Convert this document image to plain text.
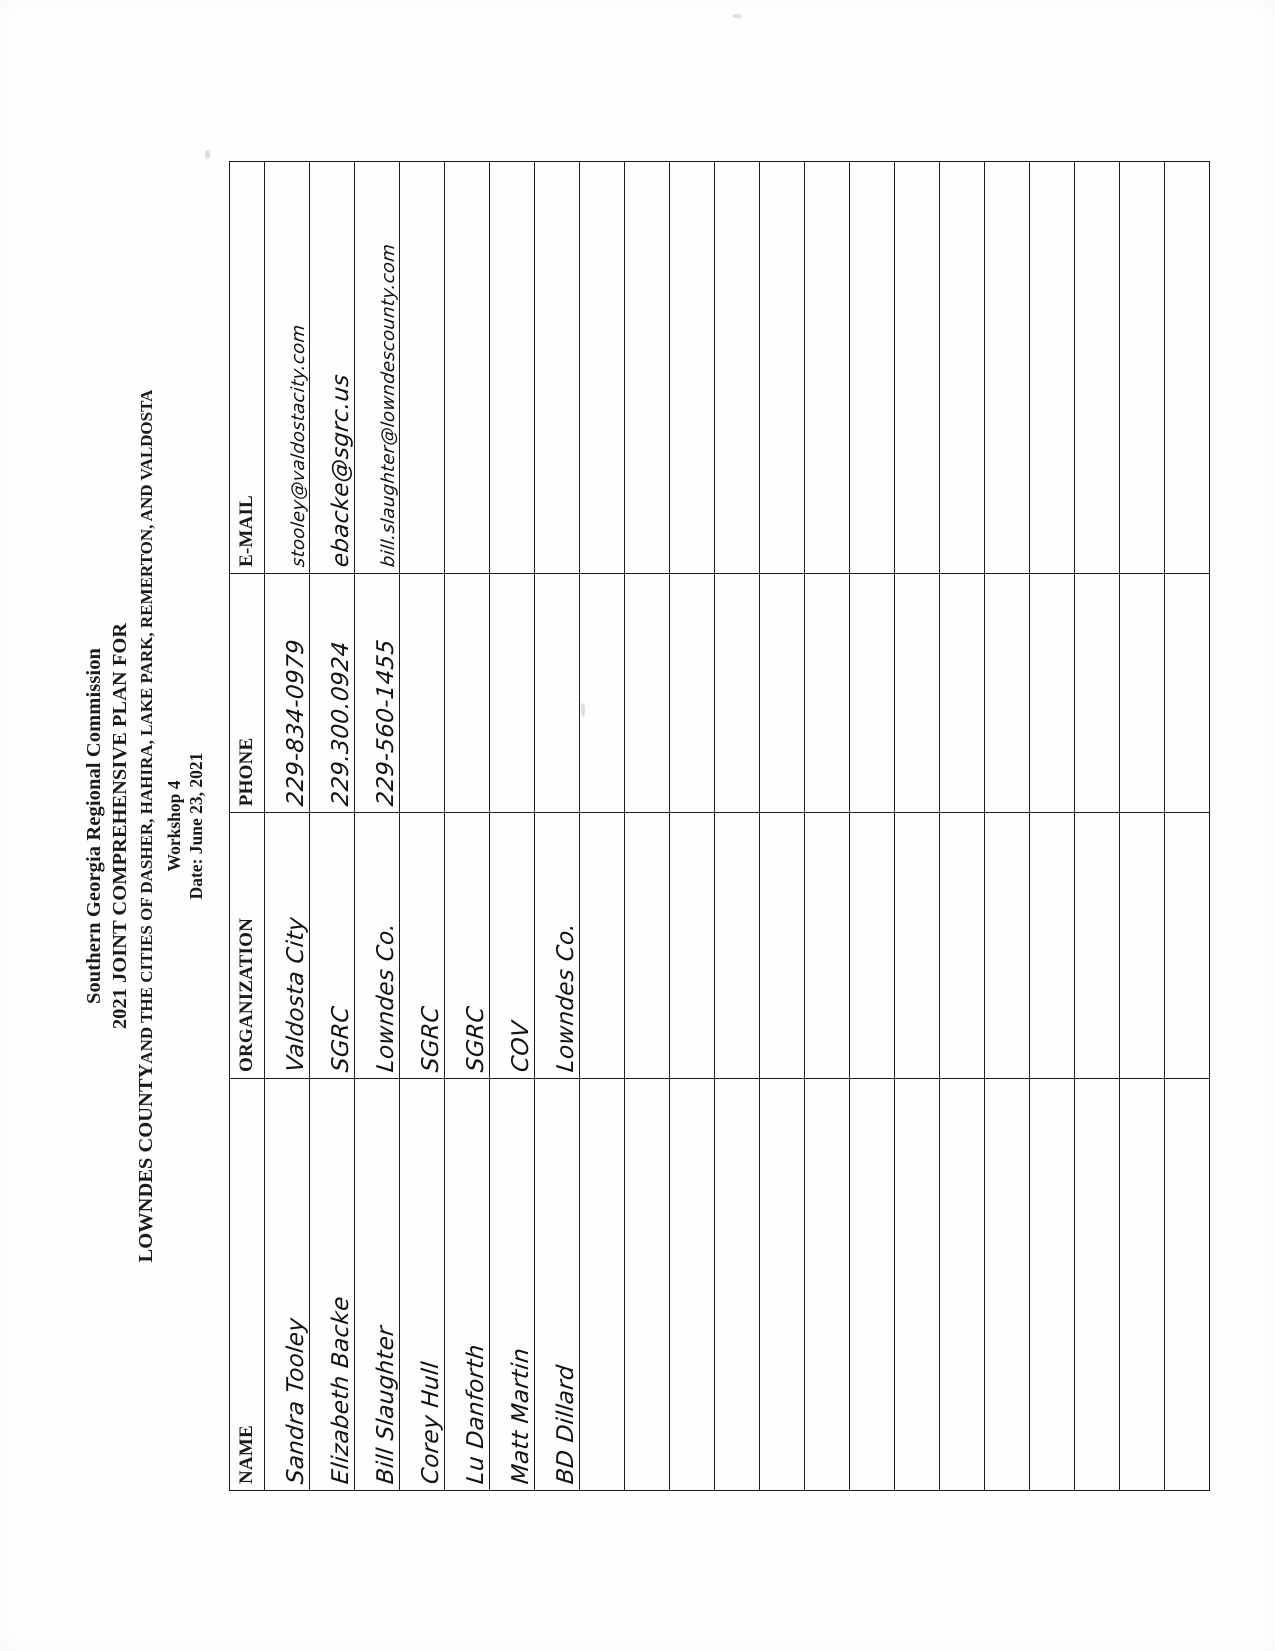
Southern Georgia Regional Commission 2021 JOINT COMPREHENSIVE PLAN FOR
LOWNDES COUNTYAND THE CITIES OF DASHER, HAHIRA, LAKE PARK, REMERTON, AND VALDOSTA Workshop 4 Date: June 23, 2021
NAME	ORGANIZATION	PHONE	E-MAIL
Sandra Tooley	Valdosta City	229-834-0979	stooley@valdostacity.com
Elizabeth Backe	SGRC	229.300.0924	ebacke@sgrc.us
Bill Slaughter	Lowndes Co.	229-560-1455	bill.slaughter@lowndescounty.com
Corey Hull	SGRC		
Lu Danforth	SGRC		
Matt Martin	COV		
BD Dillard	Lowndes Co.		
